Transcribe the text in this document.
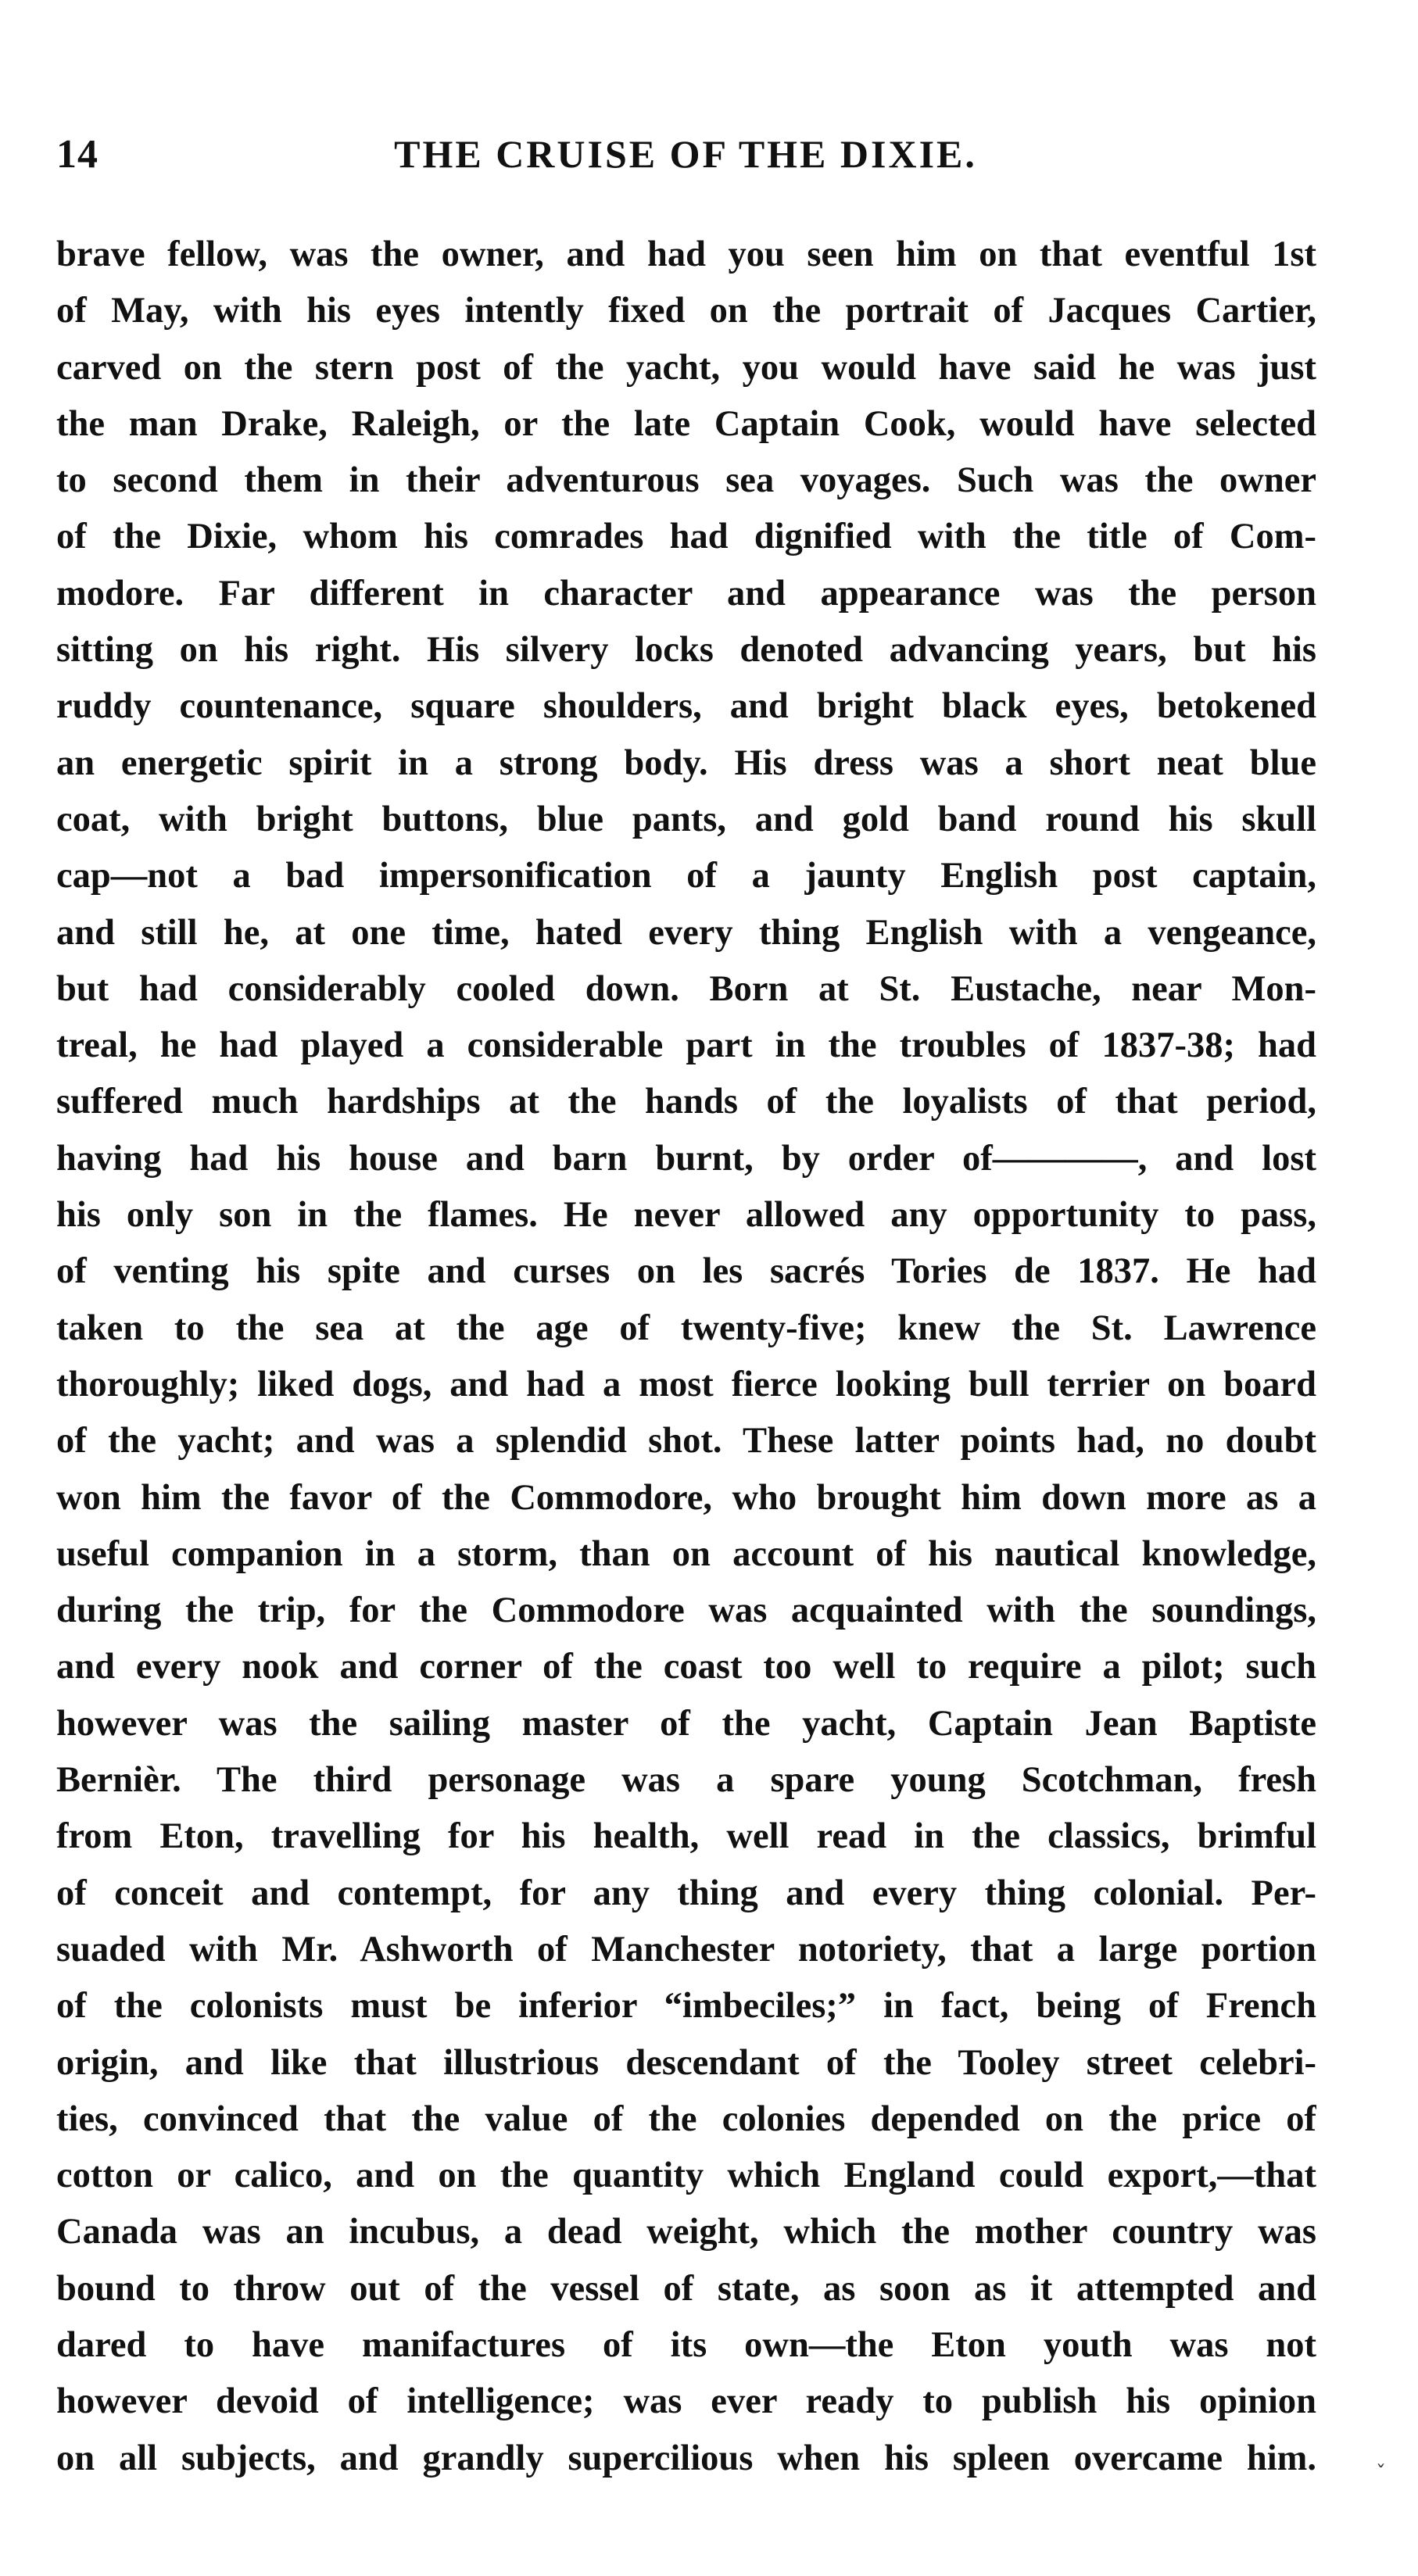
14	THE CRUISE OF THE DIXIE.
brave fellow, was the owner, and had you seen him on that eventful 1st
of May, with his eyes intently fixed on the portrait of Jacques Cartier,
carved on the stern post of the yacht, you would have said he was just
the man Drake, Raleigh, or the late Captain Cook, would have selected
to second them in their adventurous sea voyages. Such was the owner
of the Dixie, whom his comrades had dignified with the title of Com-
modore. Far different in character and appearance was the person
sitting on his right. His silvery locks denoted advancing years, but his
ruddy countenance, square shoulders, and bright black eyes, betokened
an energetic spirit in a strong body. His dress was a short neat blue
coat, with bright buttons, blue pants, and gold band round his skull
cap—not a bad impersonification of a jaunty English post captain,
and still he, at one time, hated every thing English with a vengeance,
but had considerably cooled down. Born at St. Eustache, near Mon-
treal, he had played a considerable part in the troubles of 1837-38; had
suffered much hardships at the hands of the loyalists of that period,
having had his house and barn burnt, by order of————, and lost
his only son in the flames. He never allowed any opportunity to pass,
of venting his spite and curses on les sacrés Tories de 1837. He had
taken to the sea at the age of twenty-five; knew the St. Lawrence
thoroughly; liked dogs, and had a most fierce looking bull terrier on board
of the yacht; and was a splendid shot. These latter points had, no doubt
won him the favor of the Commodore, who brought him down more as a
useful companion in a storm, than on account of his nautical knowledge,
during the trip, for the Commodore was acquainted with the soundings,
and every nook and corner of the coast too well to require a pilot; such
however was the sailing master of the yacht, Captain Jean Baptiste
Bernièr. The third personage was a spare young Scotchman, fresh
from Eton, travelling for his health, well read in the classics, brimful
of conceit and contempt, for any thing and every thing colonial. Per-
suaded with Mr. Ashworth of Manchester notoriety, that a large portion
of the colonists must be inferior “imbeciles;” in fact, being of French
origin, and like that illustrious descendant of the Tooley street celebri-
ties, convinced that the value of the colonies depended on the price of
cotton or calico, and on the quantity which England could export,—that
Canada was an incubus, a dead weight, which the mother country was
bound to throw out of the vessel of state, as soon as it attempted and
dared to have manifactures of its own—the Eton youth was not
however devoid of intelligence; was ever ready to publish his opinion
on all subjects, and grandly supercilious when his spleen overcame him.	ˇ
